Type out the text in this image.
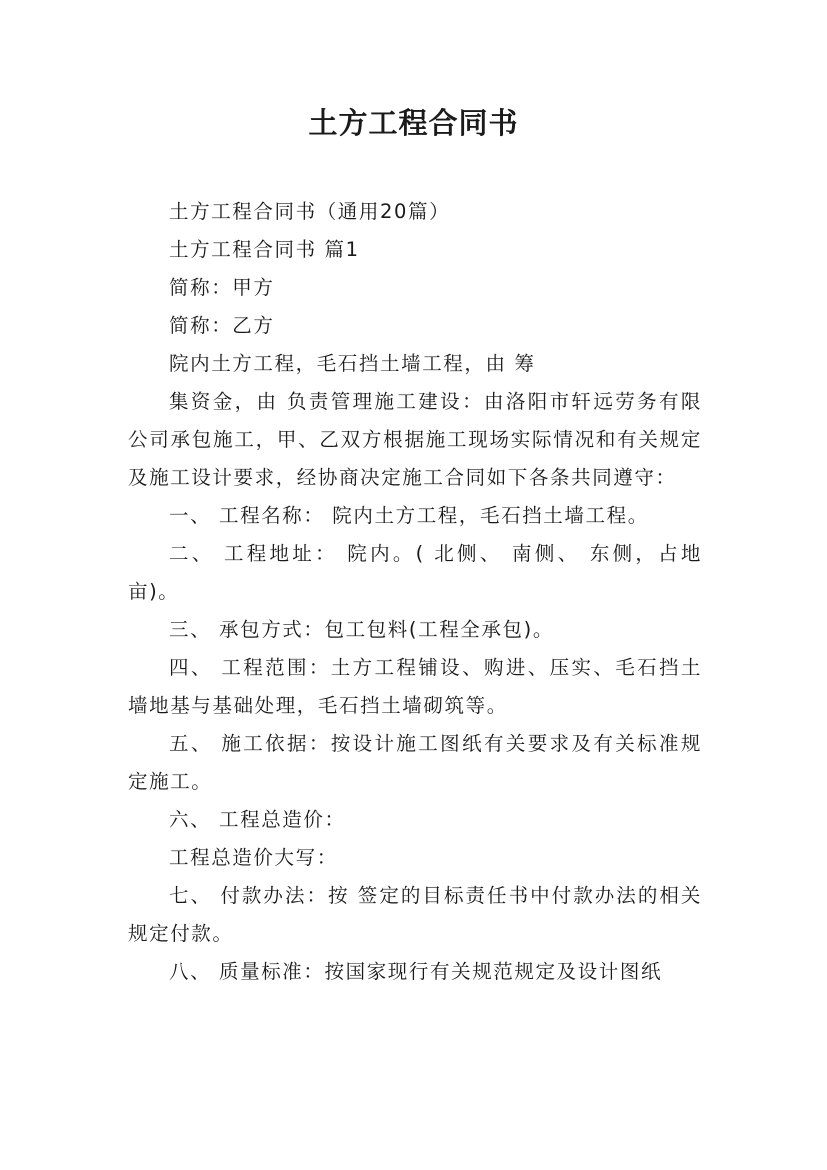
土方工程合同书

土方工程合同书（通用20篇）

土方工程合同书 篇1

简称：甲方

简称：乙方

院内土方工程，毛石挡土墙工程，由 筹

集资金，由 负责管理施工建设：由洛阳市轩远劳务有限公司承包施工，甲、乙双方根据施工现场实际情况和有关规定及施工设计要求，经协商决定施工合同如下各条共同遵守：

一、 工程名称： 院内土方工程，毛石挡土墙工程。

二、 工程地址： 院内。( 北侧、 南侧、 东侧，占地亩)。

三、 承包方式：包工包料(工程全承包)。

四、 工程范围：土方工程铺设、购进、压实、毛石挡土墙地基与基础处理，毛石挡土墙砌筑等。

五、 施工依据：按设计施工图纸有关要求及有关标准规定施工。

六、 工程总造价：

工程总造价大写：

七、 付款办法：按 签定的目标责任书中付款办法的相关规定付款。

八、 质量标准：按国家现行有关规范规定及设计图纸
